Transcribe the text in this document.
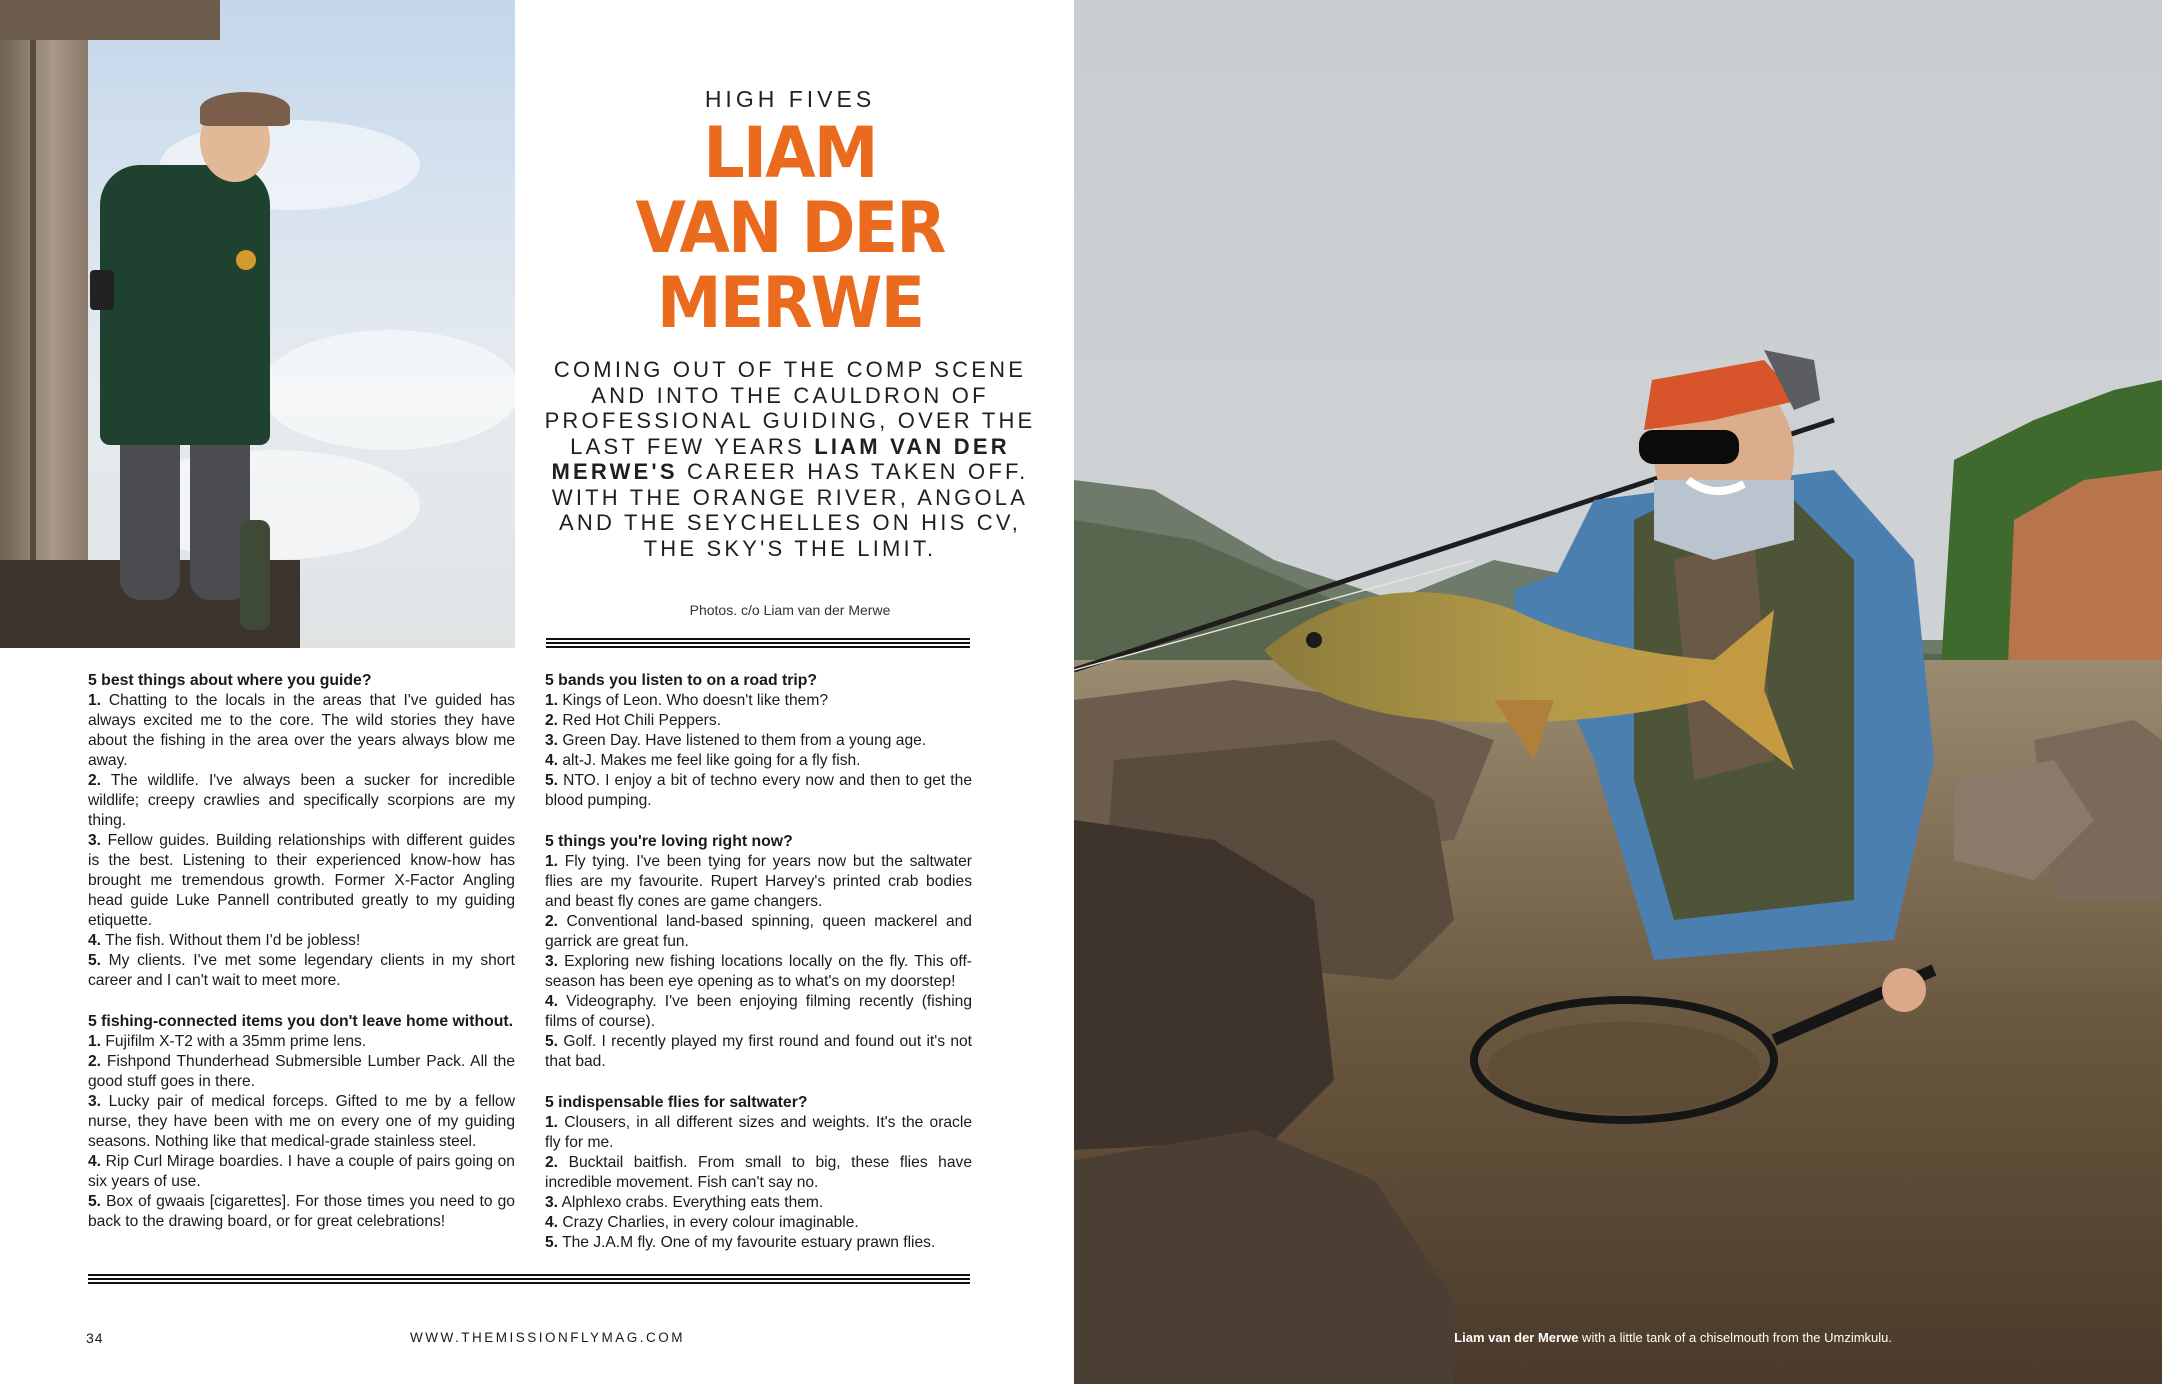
HIGH FIVES
LIAM
VAN DER
MERWE
COMING OUT OF THE COMP SCENE AND INTO THE CAULDRON OF PROFESSIONAL GUIDING, OVER THE LAST FEW YEARS LIAM VAN DER MERWE'S CAREER HAS TAKEN OFF. WITH THE ORANGE RIVER, ANGOLA AND THE SEYCHELLES ON HIS CV, THE SKY'S THE LIMIT.
Photos. c/o Liam van der Merwe
5 best things about where you guide?

1. Chatting to the locals in the areas that I've guided has always excited me to the core. The wild stories they have about the fishing in the area over the years always blow me away.

2. The wildlife. I've always been a sucker for incredible wildlife; creepy crawlies and specifically scorpions are my thing.

3. Fellow guides. Building relationships with different guides is the best. Listening to their experienced know-how has brought me tremendous growth. Former X-Factor Angling head guide Luke Pannell contributed greatly to my guiding etiquette.

4. The fish. Without them I'd be jobless!

5. My clients. I've met some legendary clients in my short career and I can't wait to meet more.

5 fishing-connected items you don't leave home without.

1. Fujifilm X-T2 with a 35mm prime lens.

2. Fishpond Thunderhead Submersible Lumber Pack. All the good stuff goes in there.

3. Lucky pair of medical forceps. Gifted to me by a fellow nurse, they have been with me on every one of my guiding seasons. Nothing like that medical-grade stainless steel.

4. Rip Curl Mirage boardies. I have a couple of pairs going on six years of use.

5. Box of gwaais [cigarettes]. For those times you need to go back to the drawing board, or for great celebrations!

5 bands you listen to on a road trip?

1. Kings of Leon. Who doesn't like them?

2. Red Hot Chili Peppers.

3. Green Day. Have listened to them from a young age.

4. alt-J. Makes me feel like going for a fly fish.

5. NTO. I enjoy a bit of techno every now and then to get the blood pumping.

5 things you're loving right now?

1. Fly tying. I've been tying for years now but the saltwater flies are my favourite. Rupert Harvey's printed crab bodies and beast fly cones are game changers.

2. Conventional land-based spinning, queen mackerel and garrick are great fun.

3. Exploring new fishing locations locally on the fly. This off-season has been eye opening as to what's on my doorstep!

4. Videography. I've been enjoying filming recently (fishing films of course).

5. Golf. I recently played my first round and found out it's not that bad.

5 indispensable flies for saltwater?

1. Clousers, in all different sizes and weights. It's the oracle fly for me.

2. Bucktail baitfish. From small to big, these flies have incredible movement. Fish can't say no.

3. Alphlexo crabs. Everything eats them.

4. Crazy Charlies, in every colour imaginable.

5. The J.A.M fly. One of my favourite estuary prawn flies.

34	WWW.THEMISSIONFLYMAG.COM	Liam van der Merwe with a little tank of a chiselmouth from the Umzimkulu.
